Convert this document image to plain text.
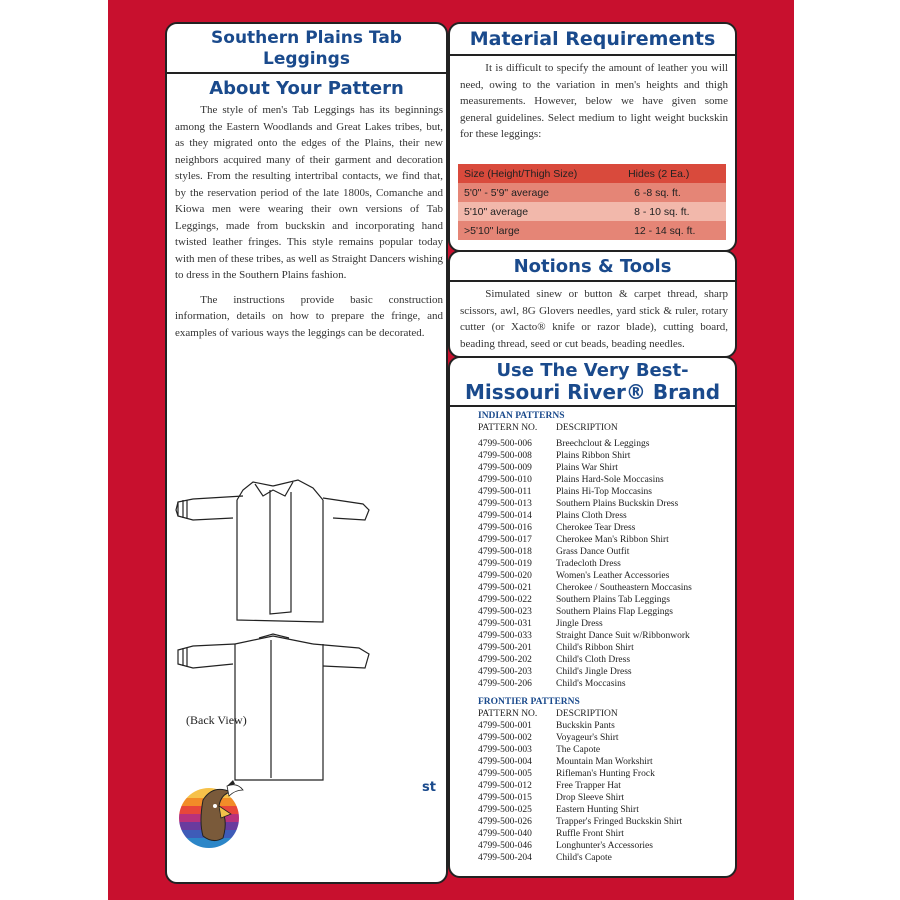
Southern Plains Tab
Leggings
About Your Pattern
The style of men's Tab Leggings has its beginnings among the Eastern Woodlands and Great Lakes tribes, but, as they migrated onto the edges of the Plains, their new neighbors acquired many of their garment and decoration styles. From the resulting intertribal contacts, we find that, by the reservation period of the late 1800s, Comanche and Kiowa men were wearing their own versions of Tab Leggings, made from buckskin and incorporating hand twisted leather fringes. This style remains popular today with men of these tribes, as well as Straight Dancers wishing to dress in the Southern Plains fashion.
The instructions provide basic construction information, details on how to prepare the fringe, and examples of various ways the leggings can be decorated.
(Back View)
st
Material Requirements
It is difficult to specify the amount of leather you will need, owing to the variation in men's heights and thigh measurements. However, below we have given some general guidelines. Select medium to light weight buckskin for these leggings:
Size (Height/Thigh Size)	Hides (2 Ea.)
5'0" - 5'9" average	6 -8 sq. ft.
5'10" average	8 - 10 sq. ft.
>5'10" large	12 - 14 sq. ft.
Notions & Tools
Simulated sinew or button & carpet thread, sharp scissors, awl, 8G Glovers needles, yard stick & ruler, rotary cutter (or Xacto® knife or razor blade), cutting board, beading thread, seed or cut beads, beading needles.
Use The Very Best-
Missouri River® Brand
INDIAN PATTERNS
PATTERN NO. DESCRIPTION
4799-500-006	Breechclout & Leggings
4799-500-008	Plains Ribbon Shirt
4799-500-009	Plains War Shirt
4799-500-010	Plains Hard-Sole Moccasins
4799-500-011	Plains Hi-Top Moccasins
4799-500-013	Southern Plains Buckskin Dress
4799-500-014	Plains Cloth Dress
4799-500-016	Cherokee Tear Dress
4799-500-017	Cherokee Man's Ribbon Shirt
4799-500-018	Grass Dance Outfit
4799-500-019	Tradecloth Dress
4799-500-020	Women's Leather Accessories
4799-500-021	Cherokee / Southeastern Moccasins
4799-500-022	Southern Plains Tab Leggings
4799-500-023	Southern Plains Flap Leggings
4799-500-031	Jingle Dress
4799-500-033	Straight Dance Suit w/Ribbonwork
4799-500-201	Child's Ribbon Shirt
4799-500-202	Child's Cloth Dress
4799-500-203	Child's Jingle Dress
4799-500-206	Child's Moccasins
FRONTIER PATTERNS
PATTERN NO. DESCRIPTION
4799-500-001	Buckskin Pants
4799-500-002	Voyageur's Shirt
4799-500-003	The Capote
4799-500-004	Mountain Man Workshirt
4799-500-005	Rifleman's Hunting Frock
4799-500-012	Free Trapper Hat
4799-500-015	Drop Sleeve Shirt
4799-500-025	Eastern Hunting Shirt
4799-500-026	Trapper's Fringed Buckskin Shirt
4799-500-040	Ruffle Front Shirt
4799-500-046	Longhunter's Accessories
4799-500-204	Child's Capote
